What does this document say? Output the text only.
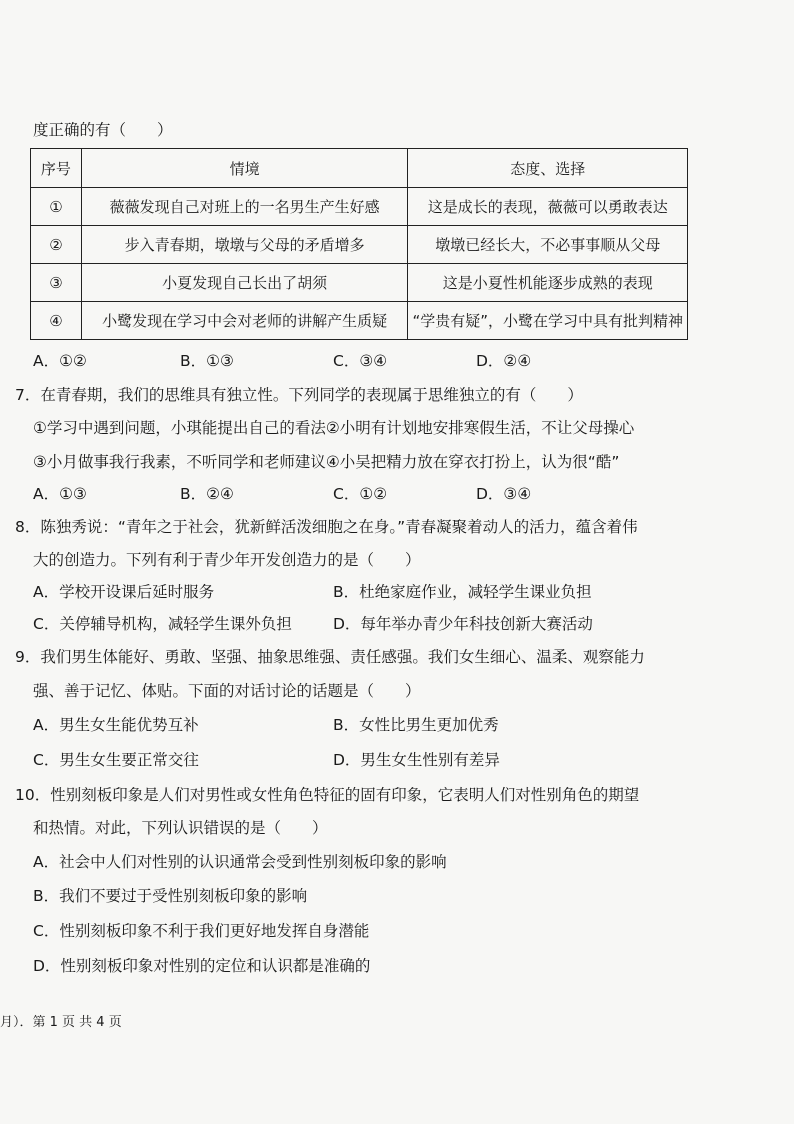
度正确的有（　　）
序号	情境	态度、选择
①	薇薇发现自己对班上的一名男生产生好感	这是成长的表现，薇薇可以勇敢表达
②	步入青春期，墩墩与父母的矛盾增多	墩墩已经长大，不必事事顺从父母
③	小夏发现自己长出了胡须	这是小夏性机能逐步成熟的表现
④	小鹭发现在学习中会对老师的讲解产生质疑	“学贵有疑”，小鹭在学习中具有批判精神
A．①②	B．①③	C．③④	D．②④
7．在青春期，我们的思维具有独立性。下列同学的表现属于思维独立的有（　　）
①学习中遇到问题，小琪能提出自己的看法②小明有计划地安排寒假生活，不让父母操心
③小月做事我行我素，不听同学和老师建议④小吴把精力放在穿衣打扮上，认为很“酷”
A．①③	B．②④	C．①②	D．③④
8．陈独秀说：“青年之于社会，犹新鲜活泼细胞之在身。”青春凝聚着动人的活力，蕴含着伟
大的创造力。下列有利于青少年开发创造力的是（　　）
A．学校开设课后延时服务	B．杜绝家庭作业，减轻学生课业负担
C．关停辅导机构，减轻学生课外负担	D．每年举办青少年科技创新大赛活动
9．我们男生体能好、勇敢、坚强、抽象思维强、责任感强。我们女生细心、温柔、观察能力
强、善于记忆、体贴。下面的对话讨论的话题是（　　）
A．男生女生能优势互补	B．女性比男生更加优秀
C．男生女生要正常交往	D．男生女生性别有差异
10．性别刻板印象是人们对男性或女性角色特征的固有印象，它表明人们对性别角色的期望
和热情。对此，下列认识错误的是（　　）
A．社会中人们对性别的认识通常会受到性别刻板印象的影响
B．我们不要过于受性别刻板印象的影响
C．性别刻板印象不利于我们更好地发挥自身潜能
D．性别刻板印象对性别的定位和认识都是准确的
月）．第 1 页 共 4 页
